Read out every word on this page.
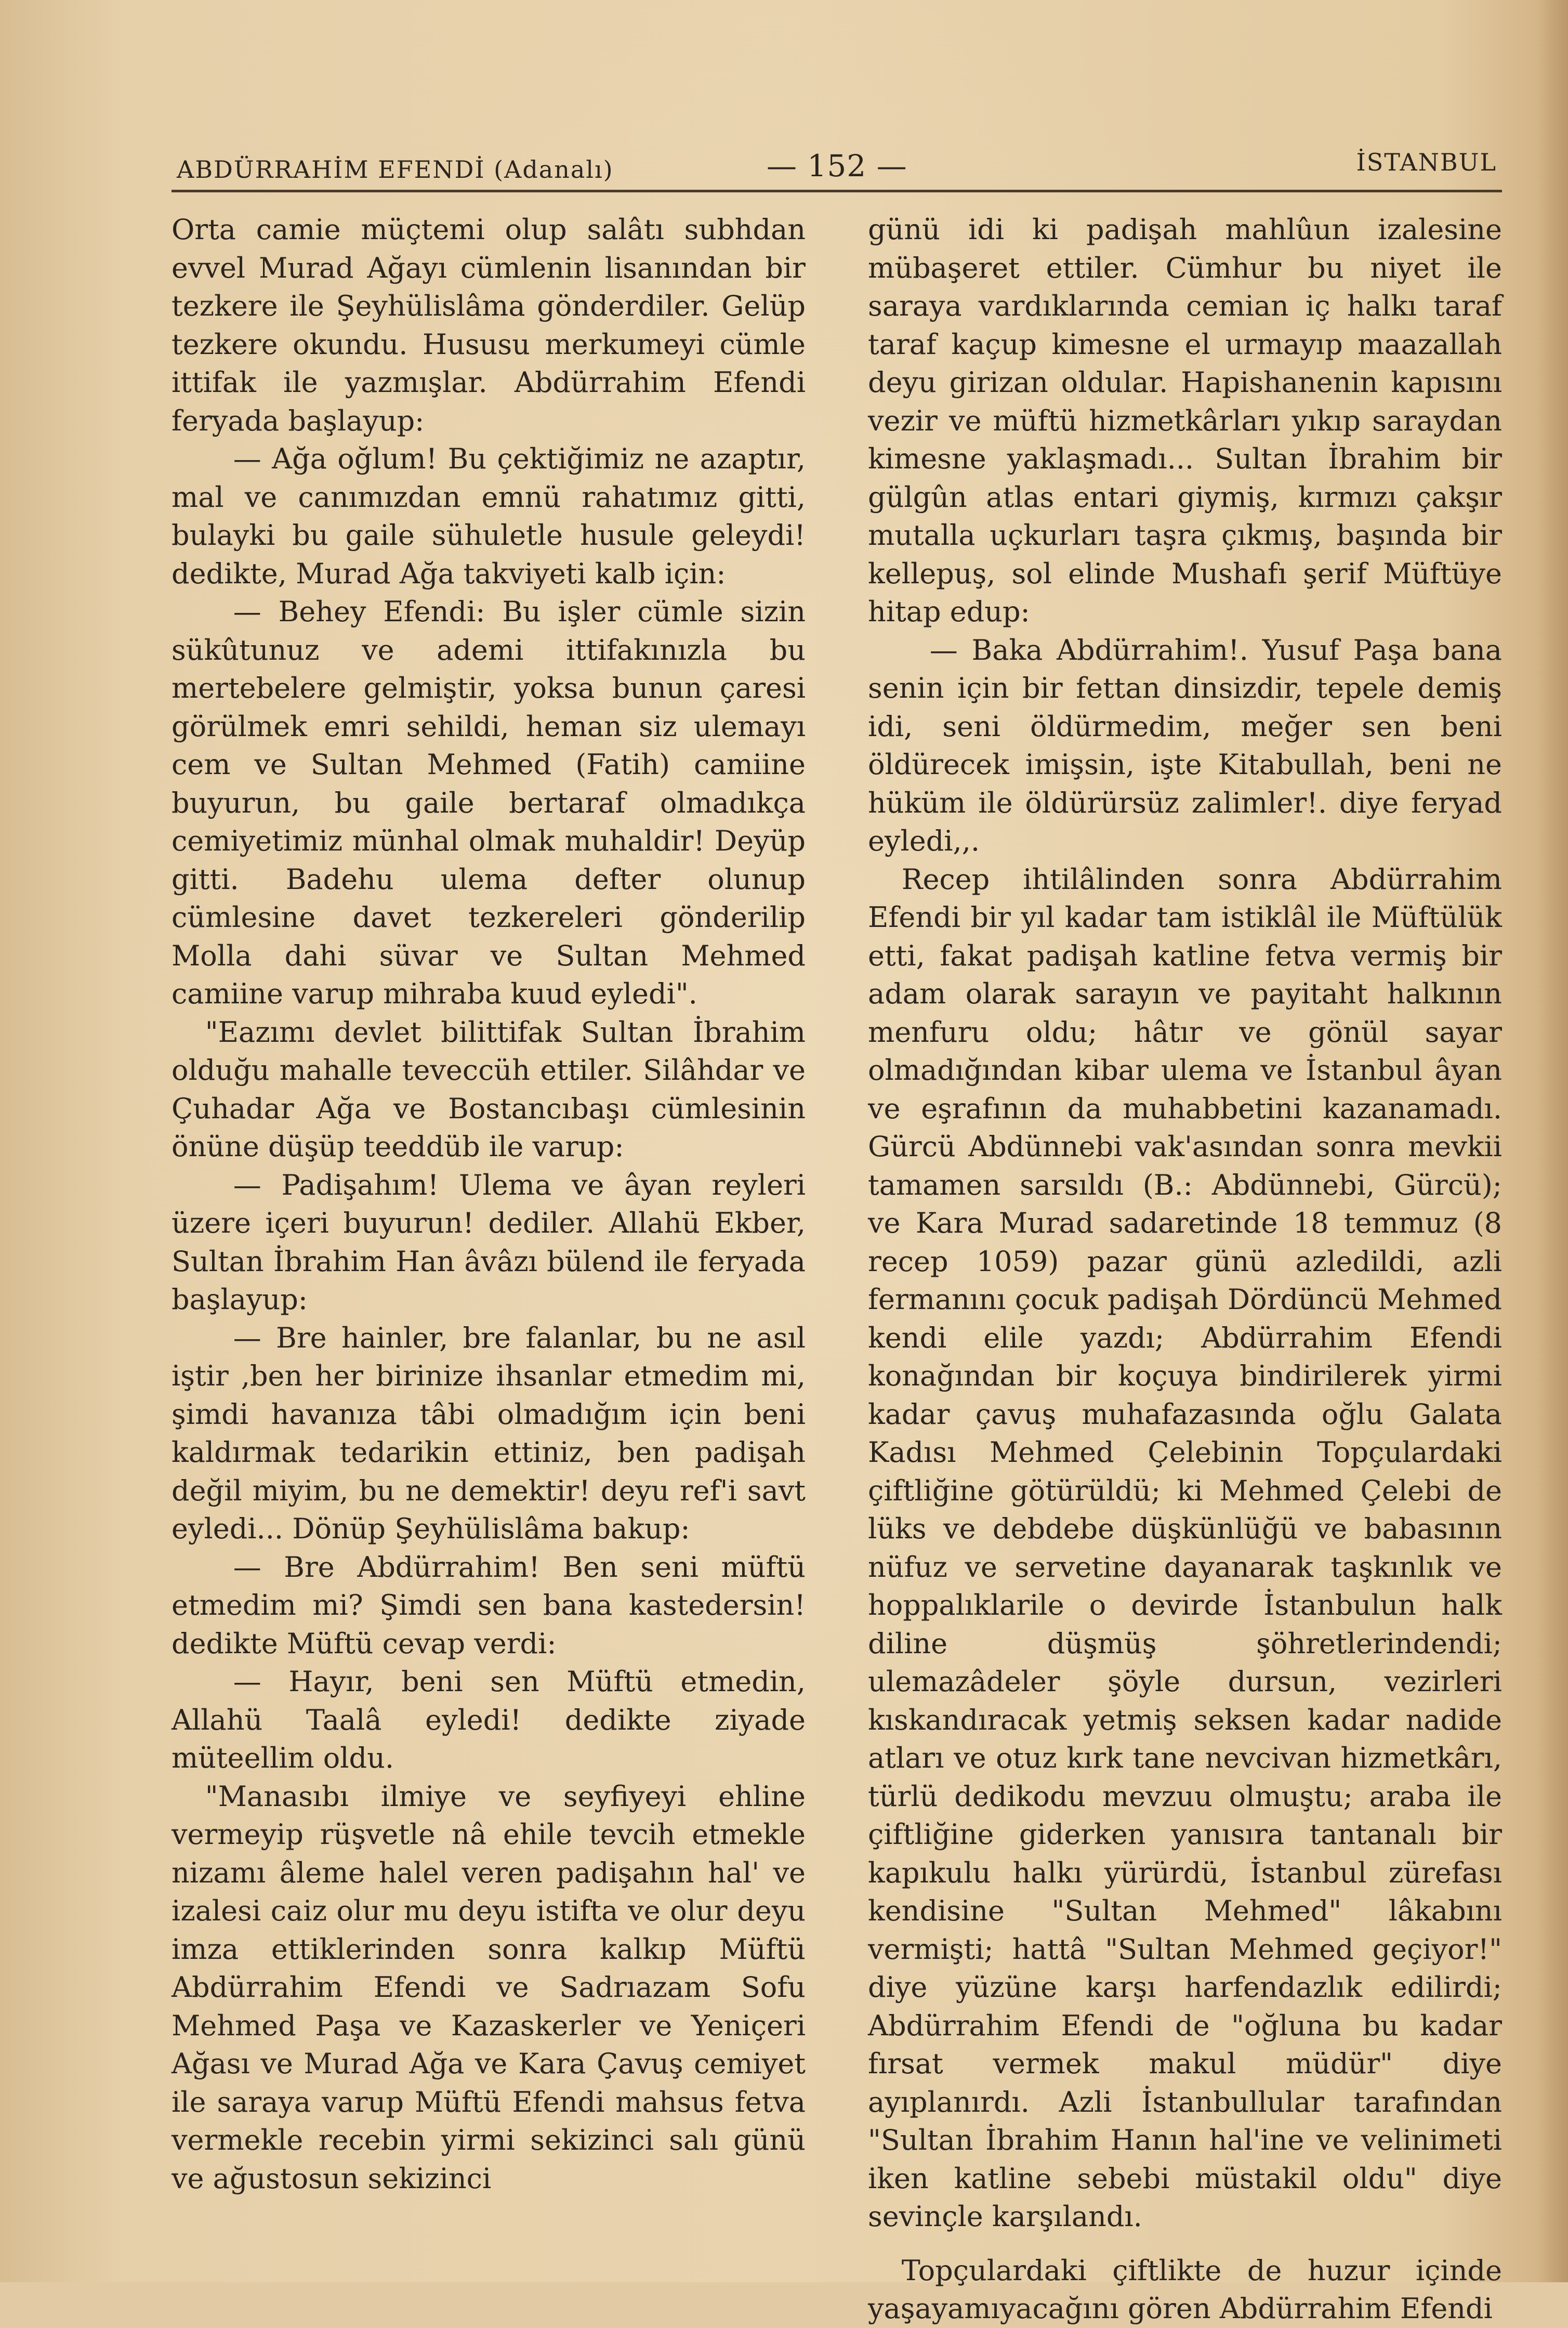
ABDÜRRAHİM EFENDİ (Adanalı)	— 152 —	İSTANBUL

Orta camie müçtemi olup salâtı subhdan evvel Murad Ağayı cümlenin lisanından bir tezkere ile Şeyhülislâma gönderdiler. Gelüp tezkere okundu. Hususu merkumeyi cümle ittifak ile yazmışlar. Abdürrahim Efendi feryada başlayup:

— Ağa oğlum! Bu çektiğimiz ne azaptır, mal ve canımızdan emnü rahatımız gitti, bulayki bu gaile sühuletle husule geleydi! dedikte, Murad Ağa takviyeti kalb için:

— Behey Efendi: Bu işler cümle sizin sükûtunuz ve ademi ittifakınızla bu mertebelere gelmiştir, yoksa bunun çaresi görülmek emri sehildi, heman siz ulemayı cem ve Sultan Mehmed (Fatih) camiine buyurun, bu gaile bertaraf olmadıkça cemiyetimiz münhal olmak muhaldir! Deyüp gitti. Badehu ulema defter olunup cümlesine davet tezkereleri gönderilip Molla dahi süvar ve Sultan Mehmed camiine varup mihraba kuud eyledi".

"Eazımı devlet bilittifak Sultan İbrahim olduğu mahalle teveccüh ettiler. Silâhdar ve Çuhadar Ağa ve Bostancıbaşı cümlesinin önüne düşüp teeddüb ile varup:

— Padişahım! Ulema ve âyan reyleri üzere içeri buyurun! dediler. Allahü Ekber, Sultan İbrahim Han âvâzı bülend ile feryada başlayup:

— Bre hainler, bre falanlar, bu ne asıl iştir ,ben her birinize ihsanlar etmedim mi, şimdi havanıza tâbi olmadığım için beni kaldırmak tedarikin ettiniz, ben padişah değil miyim, bu ne demektir! deyu ref'i savt eyledi... Dönüp Şeyhülislâma bakup:

— Bre Abdürrahim! Ben seni müftü etmedim mi? Şimdi sen bana kastedersin! dedikte Müftü cevap verdi:

— Hayır, beni sen Müftü etmedin, Allahü Taalâ eyledi! dedikte ziyade müteellim oldu.

"Manasıbı ilmiye ve seyfiyeyi ehline vermeyip rüşvetle nâ ehile tevcih etmekle nizamı âleme halel veren padişahın hal' ve izalesi caiz olur mu deyu istifta ve olur deyu imza ettiklerinden sonra kalkıp Müftü Abdürrahim Efendi ve Sadrıazam Sofu Mehmed Paşa ve Kazaskerler ve Yeniçeri Ağası ve Murad Ağa ve Kara Çavuş cemiyet ile saraya varup Müftü Efendi mahsus fetva vermekle recebin yirmi sekizinci salı günü ve ağustosun sekizinci

günü idi ki padişah mahlûun izalesine mübaşeret ettiler. Cümhur bu niyet ile saraya vardıklarında cemian iç halkı taraf taraf kaçup kimesne el urmayıp maazallah deyu girizan oldular. Hapishanenin kapısını vezir ve müftü hizmetkârları yıkıp saraydan kimesne yaklaşmadı... Sultan İbrahim bir gülgûn atlas entari giymiş, kırmızı çakşır mutalla uçkurları taşra çıkmış, başında bir kellepuş, sol elinde Mushafı şerif Müftüye hitap edup:

— Baka Abdürrahim!. Yusuf Paşa bana senin için bir fettan dinsizdir, tepele demiş idi, seni öldürmedim, meğer sen beni öldürecek imişsin, işte Kitabullah, beni ne hüküm ile öldürürsüz zalimler!. diye feryad eyledi,,.

Recep ihtilâlinden sonra Abdürrahim Efendi bir yıl kadar tam istiklâl ile Müftülük etti, fakat padişah katline fetva vermiş bir adam olarak sarayın ve payitaht halkının menfuru oldu; hâtır ve gönül sayar olmadığından kibar ulema ve İstanbul âyan ve eşrafının da muhabbetini kazanamadı. Gürcü Abdünnebi vak'asından sonra mevkii tamamen sarsıldı (B.: Abdünnebi, Gürcü); ve Kara Murad sadaretinde 18 temmuz (8 recep 1059) pazar günü azledildi, azli fermanını çocuk padişah Dördüncü Mehmed kendi elile yazdı; Abdürrahim Efendi konağından bir koçuya bindirilerek yirmi kadar çavuş muhafazasında oğlu Galata Kadısı Mehmed Çelebinin Topçulardaki çiftliğine götürüldü; ki Mehmed Çelebi de lüks ve debdebe düşkünlüğü ve babasının nüfuz ve servetine dayanarak taşkınlık ve hoppalıklarile o devirde İstanbulun halk diline düşmüş şöhretlerindendi; ulemazâdeler şöyle dursun, vezirleri kıskandıracak yetmiş seksen kadar nadide atları ve otuz kırk tane nevcivan hizmetkârı, türlü dedikodu mevzuu olmuştu; araba ile çiftliğine giderken yanısıra tantanalı bir kapıkulu halkı yürürdü, İstanbul zürefası kendisine "Sultan Mehmed" lâkabını vermişti; hattâ "Sultan Mehmed geçiyor!" diye yüzüne karşı harfendazlık edilirdi; Abdürrahim Efendi de "oğluna bu kadar fırsat vermek makul müdür" diye ayıplanırdı. Azli İstanbullular tarafından "Sultan İbrahim Hanın hal'ine ve velinimeti iken katline sebebi müstakil oldu" diye sevinçle karşılandı.

Topçulardaki çiftlikte de huzur içinde yaşayamıyacağını gören Abdürrahim Efendi
